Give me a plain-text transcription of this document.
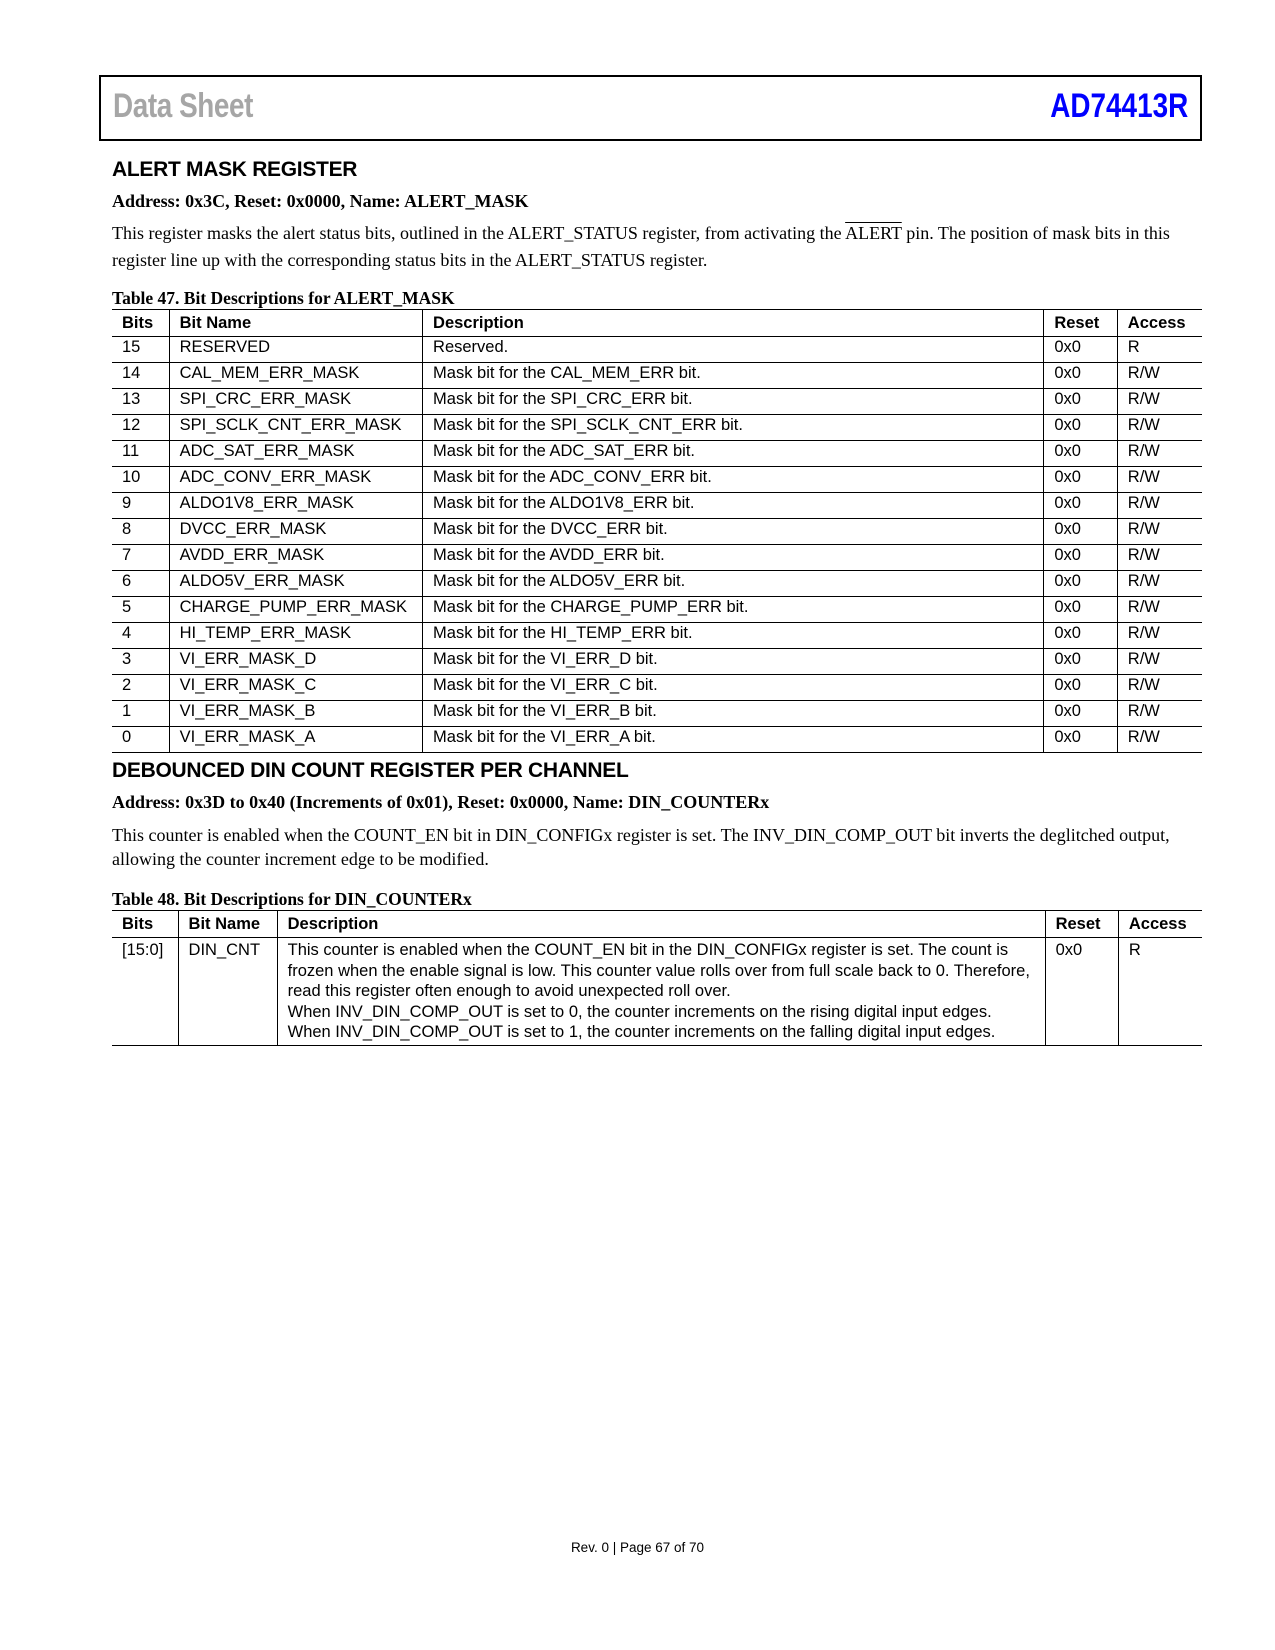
Data Sheet	AD74413R
ALERT MASK REGISTER

Address: 0x3C, Reset: 0x0000, Name: ALERT_MASK

This register masks the alert status bits, outlined in the ALERT_STATUS register, from activating the ALERT pin. The position of mask bits in this register line up with the corresponding status bits in the ALERT_STATUS register.

Table 47. Bit Descriptions for ALERT_MASK

Bits	Bit Name	Description	Reset	Access
15	RESERVED	Reserved.	0x0	R
14	CAL_MEM_ERR_MASK	Mask bit for the CAL_MEM_ERR bit.	0x0	R/W
13	SPI_CRC_ERR_MASK	Mask bit for the SPI_CRC_ERR bit.	0x0	R/W
12	SPI_SCLK_CNT_ERR_MASK	Mask bit for the SPI_SCLK_CNT_ERR bit.	0x0	R/W
11	ADC_SAT_ERR_MASK	Mask bit for the ADC_SAT_ERR bit.	0x0	R/W
10	ADC_CONV_ERR_MASK	Mask bit for the ADC_CONV_ERR bit.	0x0	R/W
9	ALDO1V8_ERR_MASK	Mask bit for the ALDO1V8_ERR bit.	0x0	R/W
8	DVCC_ERR_MASK	Mask bit for the DVCC_ERR bit.	0x0	R/W
7	AVDD_ERR_MASK	Mask bit for the AVDD_ERR bit.	0x0	R/W
6	ALDO5V_ERR_MASK	Mask bit for the ALDO5V_ERR bit.	0x0	R/W
5	CHARGE_PUMP_ERR_MASK	Mask bit for the CHARGE_PUMP_ERR bit.	0x0	R/W
4	HI_TEMP_ERR_MASK	Mask bit for the HI_TEMP_ERR bit.	0x0	R/W
3	VI_ERR_MASK_D	Mask bit for the VI_ERR_D bit.	0x0	R/W
2	VI_ERR_MASK_C	Mask bit for the VI_ERR_C bit.	0x0	R/W
1	VI_ERR_MASK_B	Mask bit for the VI_ERR_B bit.	0x0	R/W
0	VI_ERR_MASK_A	Mask bit for the VI_ERR_A bit.	0x0	R/W
DEBOUNCED DIN COUNT REGISTER PER CHANNEL

Address: 0x3D to 0x40 (Increments of 0x01), Reset: 0x0000, Name: DIN_COUNTERx

This counter is enabled when the COUNT_EN bit in DIN_CONFIGx register is set. The INV_DIN_COMP_OUT bit inverts the deglitched output, allowing the counter increment edge to be modified.

Table 48. Bit Descriptions for DIN_COUNTERx

Bits	Bit Name	Description	Reset	Access
[15:0]	DIN_CNT	This counter is enabled when the COUNT_EN bit in the DIN_CONFIGx register is set. The count is frozen when the enable signal is low. This counter value rolls over from full scale back to 0. Therefore, read this register often enough to avoid unexpected roll over.
When INV_DIN_COMP_OUT is set to 0, the counter increments on the rising digital input edges.
When INV_DIN_COMP_OUT is set to 1, the counter increments on the falling digital input edges.	0x0	R
Rev. 0 | Page 67 of 70
